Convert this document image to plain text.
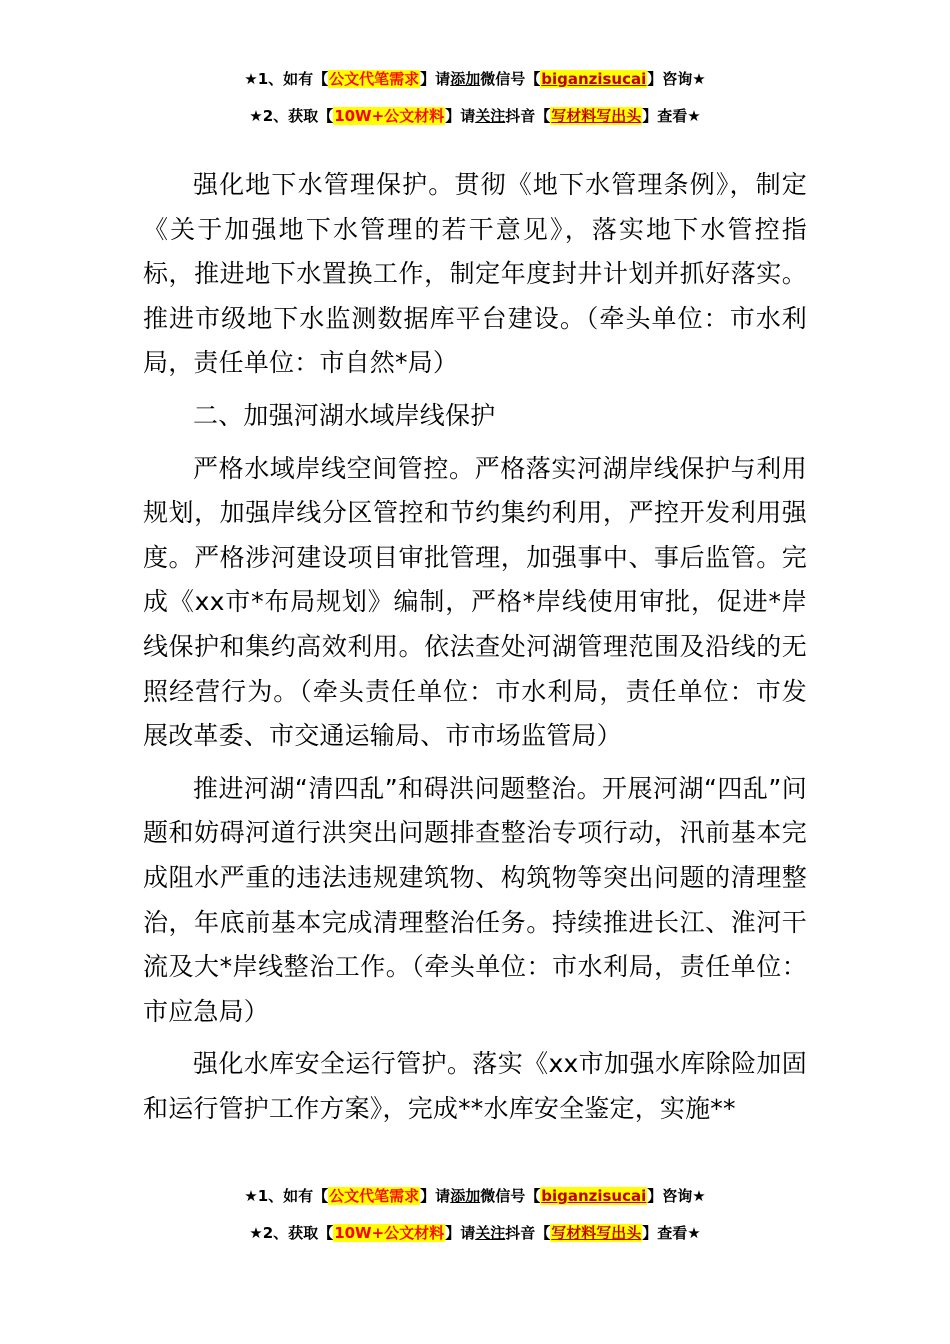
★1、如有【公文代笔需求】请添加微信号【biganzisucai】咨询★
★2、获取【10W+公文材料】请关注抖音【写材料写出头】查看★

强化地下水管理保护。贯彻《地下水管理条例》，制定《关于加强地下水管理的若干意见》，落实地下水管控指标，推进地下水置换工作，制定年度封井计划并抓好落实。推进市级地下水监测数据库平台建设。（牵头单位：市水利局，责任单位：市自然*局）

二、加强河湖水域岸线保护

严格水域岸线空间管控。严格落实河湖岸线保护与利用规划，加强岸线分区管控和节约集约利用，严控开发利用强度。严格涉河建设项目审批管理，加强事中、事后监管。完成《xx市*布局规划》编制，严格*岸线使用审批，促进*岸线保护和集约高效利用。依法查处河湖管理范围及沿线的无照经营行为。（牵头责任单位：市水利局，责任单位：市发展改革委、市交通运输局、市市场监管局）

推进河湖“清四乱”和碍洪问题整治。开展河湖“四乱”问题和妨碍河道行洪突出问题排查整治专项行动，汛前基本完成阻水严重的违法违规建筑物、构筑物等突出问题的清理整治，年底前基本完成清理整治任务。持续推进长江、淮河干流及大*岸线整治工作。（牵头单位：市水利局，责任单位：市应急局）

强化水库安全运行管护。落实《xx市加强水库除险加固和运行管护工作方案》，完成**水库安全鉴定，实施**

★1、如有【公文代笔需求】请添加微信号【biganzisucai】咨询★
★2、获取【10W+公文材料】请关注抖音【写材料写出头】查看★
